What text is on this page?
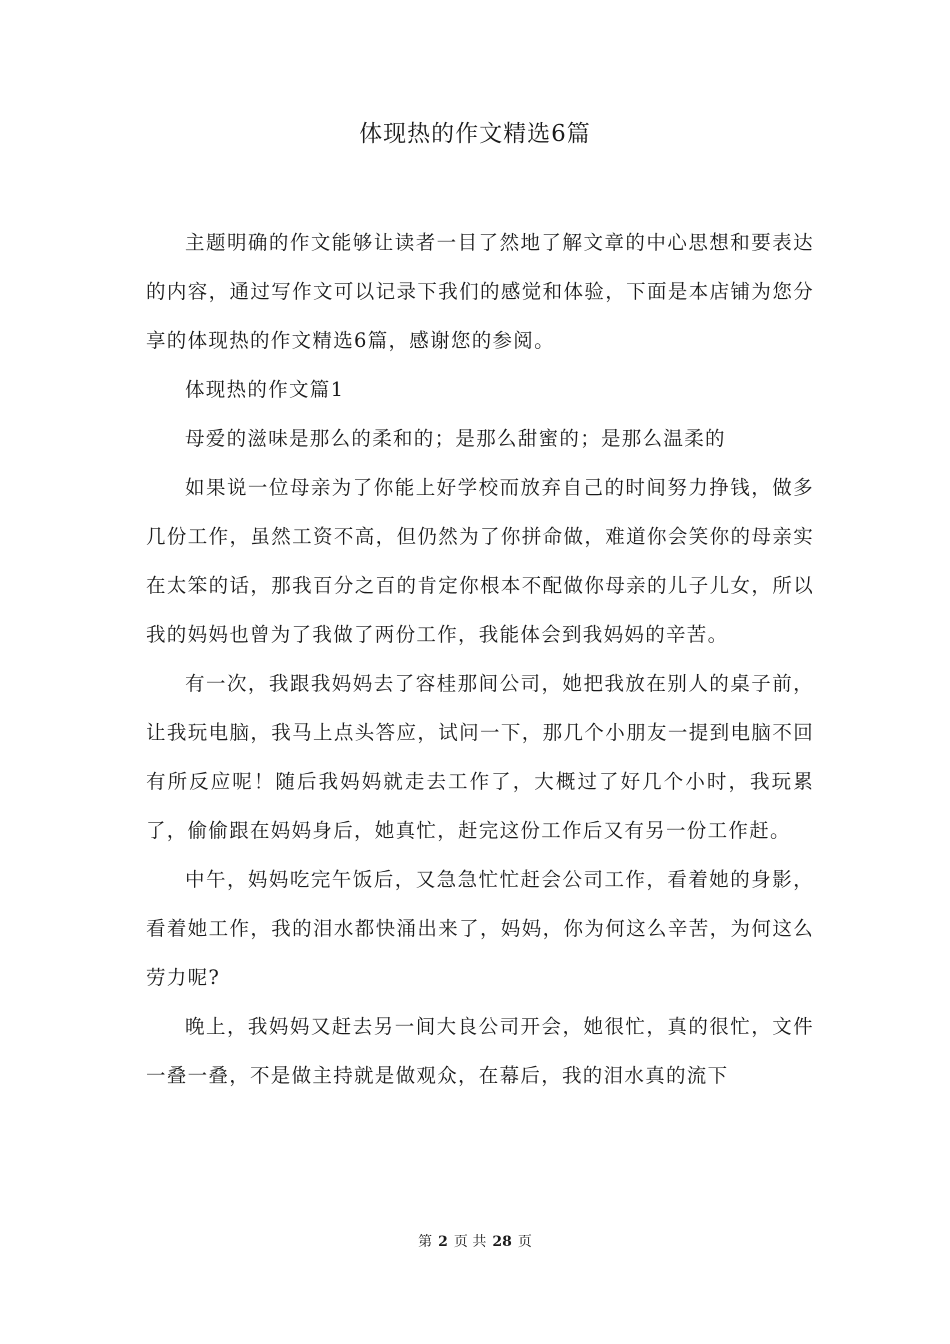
体现热的作文精选6篇

主题明确的作文能够让读者一目了然地了解文章的中心思想和要表达的内容，通过写作文可以记录下我们的感觉和体验，下面是本店铺为您分享的体现热的作文精选6篇，感谢您的参阅。

体现热的作文篇1

母爱的滋味是那么的柔和的；是那么甜蜜的；是那么温柔的

如果说一位母亲为了你能上好学校而放弃自己的时间努力挣钱，做多几份工作，虽然工资不高，但仍然为了你拼命做，难道你会笑你的母亲实在太笨的话，那我百分之百的肯定你根本不配做你母亲的儿子儿女，所以我的妈妈也曾为了我做了两份工作，我能体会到我妈妈的辛苦。

有一次，我跟我妈妈去了容桂那间公司，她把我放在别人的桌子前，让我玩电脑，我马上点头答应，试问一下，那几个小朋友一提到电脑不回有所反应呢！随后我妈妈就走去工作了，大概过了好几个小时，我玩累了，偷偷跟在妈妈身后，她真忙，赶完这份工作后又有另一份工作赶。

中午，妈妈吃完午饭后，又急急忙忙赶会公司工作，看着她的身影，看着她工作，我的泪水都快涌出来了，妈妈，你为何这么辛苦，为何这么劳力呢?

晚上，我妈妈又赶去另一间大良公司开会，她很忙，真的很忙，文件一叠一叠，不是做主持就是做观众，在幕后，我的泪水真的流下

第 2 页 共 28 页
